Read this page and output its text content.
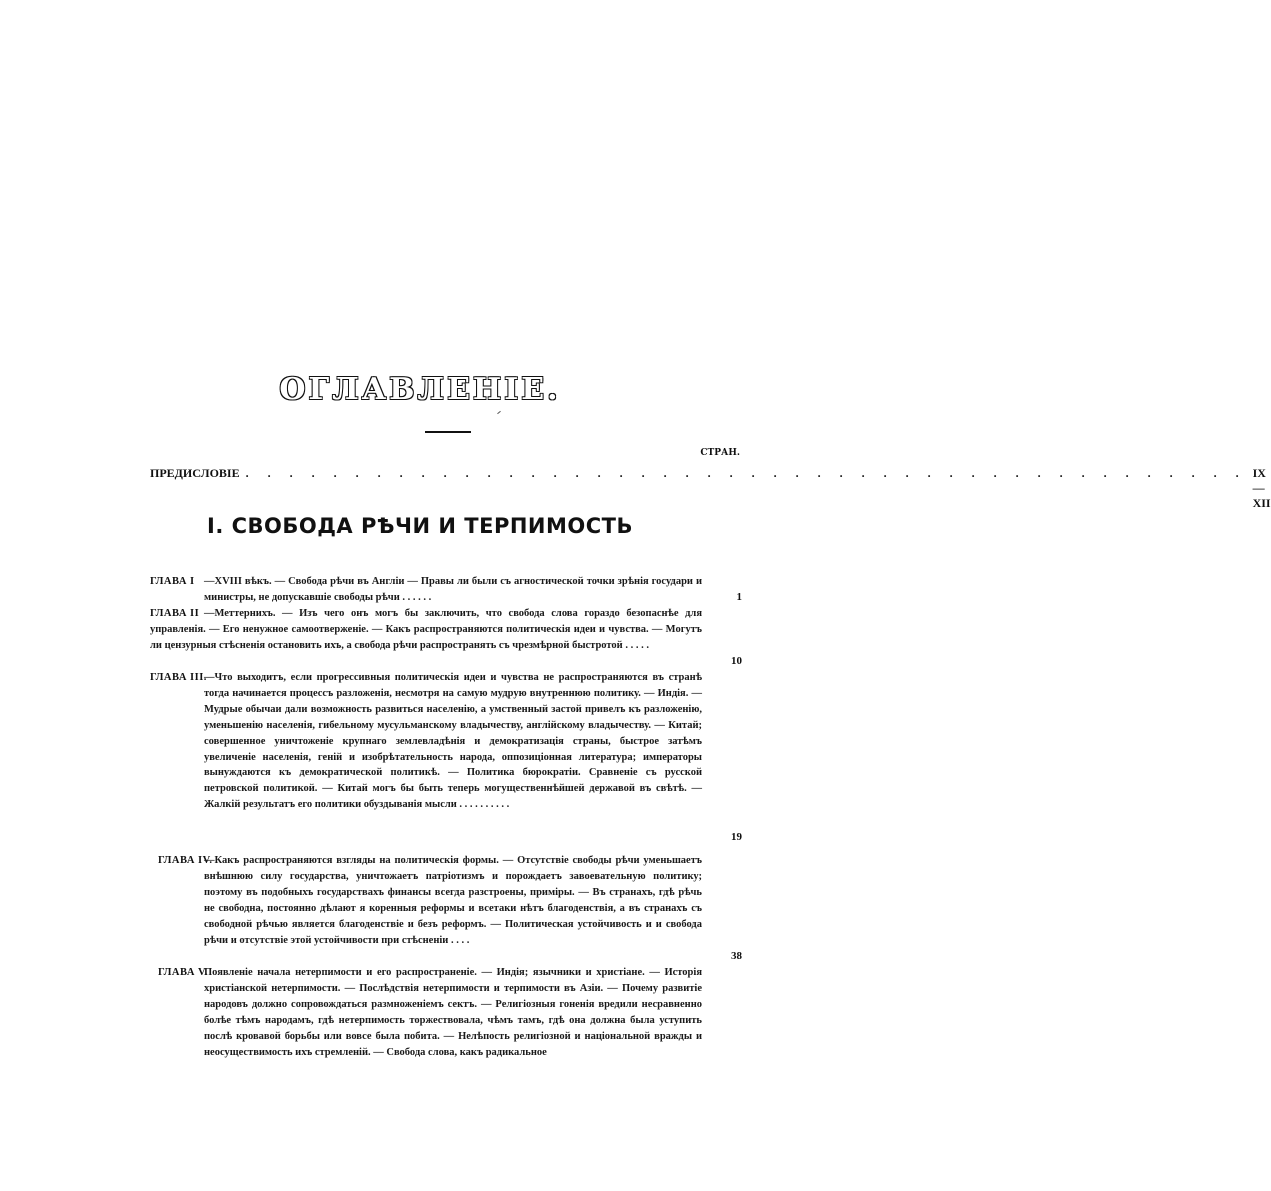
ОГЛАВЛЕНІЕ.
СТРАН.
ПРЕДИСЛОВІЕ . . . . . . . . . . . . . . . . . . . . . . . . . . . . . . . . . . . . . . . . . . . . . . IX—XII
I. СВОБОДА РѢЧИ И ТЕРПИМОСТЬ
ГЛАВА I —XVIII вѣкъ. — Свобода рѣчи въ Англіи — Правы ли были съ агностической точки зрѣнія государи и министры, не допускавшіе свободы рѣчи . . . . . .	1
ГЛАВА II —Меттернихъ. — Изъ чего онъ могъ бы заключить, что свобода слова гораздо безопаснѣе для управленія. — Его ненужное самоотверженіе. — Какъ распространяются политическія идеи и чувства. — Могутъ ли цензурныя стѣсненія остановить ихъ, а свобода рѣчи распространять съ чрезмѣрной быстротой . . . . .
10
ГЛАВА III.
—Что выходитъ, если прогрессивныя политическія идеи и чувства не распространяются въ странѣ тогда начинается процессъ разложенія, несмотря на самую мудрую внутреннюю политику. — Индія. — Мудрые обычаи дали возможность развиться населенію, а умственный застой привелъ къ разложенію, уменьшенію населенія, гибельному мусульманскому владычеству, англійскому владычеству. — Китай; совершенное уничтоженіе крупнаго землевладѣнія и демократизація страны, быстрое затѣмъ увеличеніе населенія, геній и изобрѣтательность народа, оппозиціонная литература; императоры вынуждаются къ демократической политикѣ. — Политика бюрократіи. Сравненіе съ русской петровской политикой. — Китай могъ бы быть теперь могущественнѣйшей державой въ свѣтѣ. — Жалкій результатъ его политики обуздыванія мысли . . . . . . . . . .
19
ГЛАВА IV.
—Какъ распространяются взгляды на политическія формы. — Отсутствіе свободы рѣчи уменьшаетъ внѣшнюю силу государства, уничтожаетъ патріотизмъ и порождаетъ завоевательную политику; поэтому въ подобныхъ государствахъ финансы всегда разстроены, приміры. — Въ странахъ, гдѣ рѣчь не свободна, постоянно дѣлают я коренныя реформы и всетаки нѣтъ благоденствія, а въ странахъ съ свободной рѣчью является благоденствіе и безъ реформъ. — Политическая устойчивость и и свобода рѣчи и отсутствіе этой устойчивости при стѣсненіи . . . .
38
ГЛАВА V.
Появленіе начала нетерпимости и его распространеніе. — Индія; язычники и христіане. — Исторія христіанской нетерпимости. — Послѣдствія нетерпимости и терпимости въ Азіи. — Почему развитіе народовъ должно сопровождаться размноженіемъ сектъ. — Религіозныя гоненія вредили несравненно болѣе тѣмъ народамъ, гдѣ нетерпимость торжествовала, чѣмъ тамъ, гдѣ она должна была уступить послѣ кровавой борьбы или вовсе была побита. — Нелѣпость религіозной и національной вражды и неосуществимость ихъ стремленій. — Свобода слова, какъ радикальное
